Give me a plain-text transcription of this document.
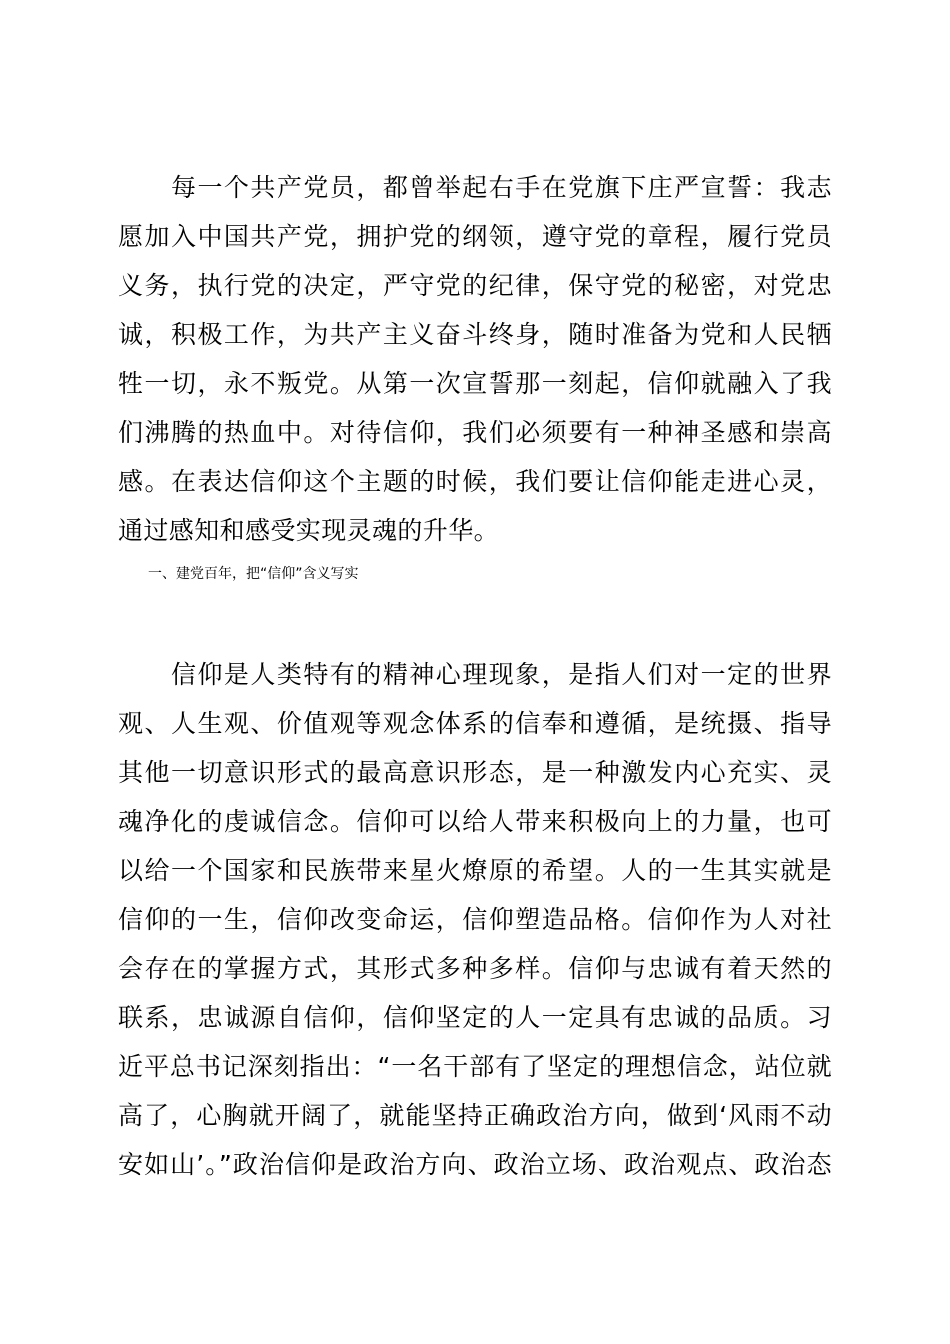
　　每一个共产党员，都曾举起右手在党旗下庄严宣誓：我志
愿加入中国共产党，拥护党的纲领，遵守党的章程，履行党员
义务，执行党的决定，严守党的纪律，保守党的秘密，对党忠
诚，积极工作，为共产主义奋斗终身，随时准备为党和人民牺
牲一切，永不叛党。从第一次宣誓那一刻起，信仰就融入了我
们沸腾的热血中。对待信仰，我们必须要有一种神圣感和崇高
感。在表达信仰这个主题的时候，我们要让信仰能走进心灵，
通过感知和感受实现灵魂的升华。
一、建党百年，把“信仰”含义写实
　　信仰是人类特有的精神心理现象，是指人们对一定的世界
观、人生观、价值观等观念体系的信奉和遵循，是统摄、指导
其他一切意识形式的最高意识形态，是一种激发内心充实、灵
魂净化的虔诚信念。信仰可以给人带来积极向上的力量，也可
以给一个国家和民族带来星火燎原的希望。人的一生其实就是
信仰的一生，信仰改变命运，信仰塑造品格。信仰作为人对社
会存在的掌握方式，其形式多种多样。信仰与忠诚有着天然的
联系，忠诚源自信仰，信仰坚定的人一定具有忠诚的品质。习
近平总书记深刻指出：“一名干部有了坚定的理想信念，站位就
高了，心胸就开阔了，就能坚持正确政治方向，做到‘风雨不动
安如山’。”政治信仰是政治方向、政治立场、政治观点、政治态
